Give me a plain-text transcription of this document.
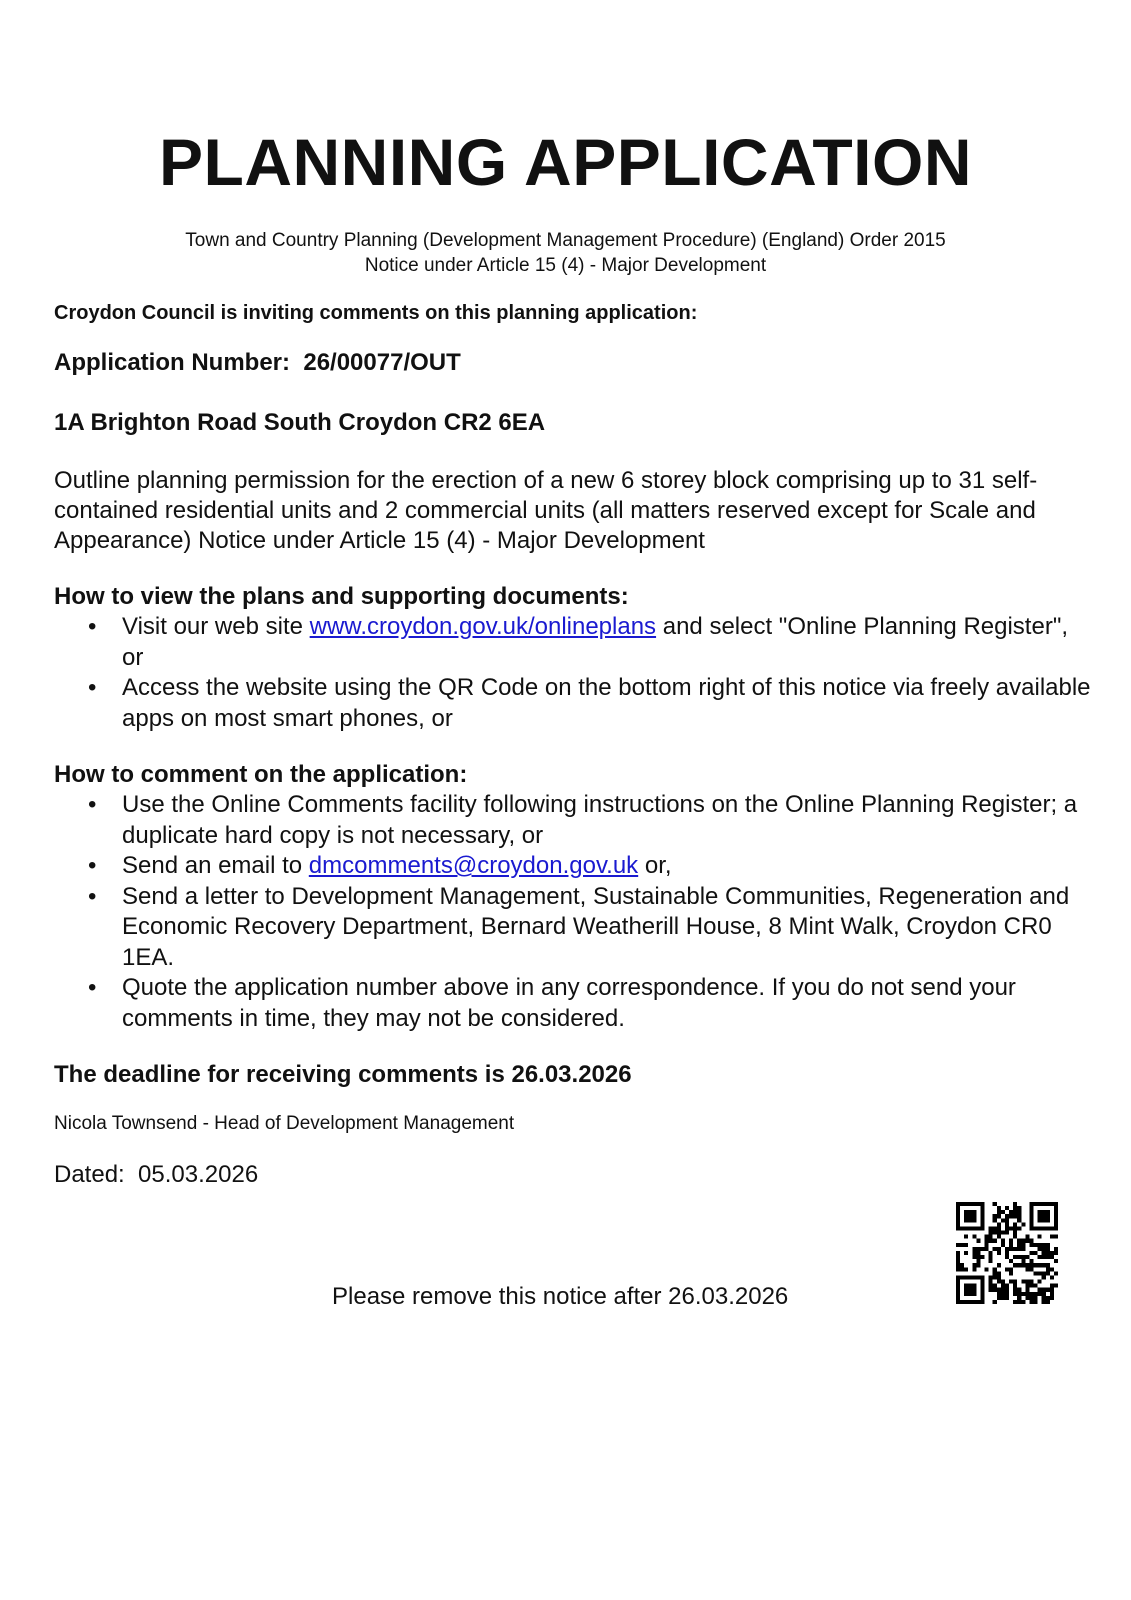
PLANNING APPLICATION
Town and Country Planning (Development Management Procedure) (England) Order 2015
Notice under Article 15 (4) - Major Development

Croydon Council is inviting comments on this planning application:

Application Number:  26/00077/OUT

1A Brighton Road South Croydon CR2 6EA

Outline planning permission for the erection of a new 6 storey block comprising up to 31 self-contained residential units and 2 commercial units (all matters reserved except for Scale and Appearance) Notice under Article 15 (4) - Major Development

How to view the plans and supporting documents:

• Visit our web site www.croydon.gov.uk/onlineplans and select "Online Planning Register", or
• Access the website using the QR Code on the bottom right of this notice via freely available apps on most smart phones, or

How to comment on the application:

• Use the Online Comments facility following instructions on the Online Planning Register; a duplicate hard copy is not necessary, or
• Send an email to dmcomments@croydon.gov.uk or,
• Send a letter to Development Management, Sustainable Communities, Regeneration and Economic Recovery Department, Bernard Weatherill House, 8 Mint Walk, Croydon CR0 1EA.
• Quote the application number above in any correspondence. If you do not send your comments in time, they may not be considered.

The deadline for receiving comments is 26.03.2026

Nicola Townsend - Head of Development Management

Dated:  05.03.2026

Please remove this notice after 26.03.2026
